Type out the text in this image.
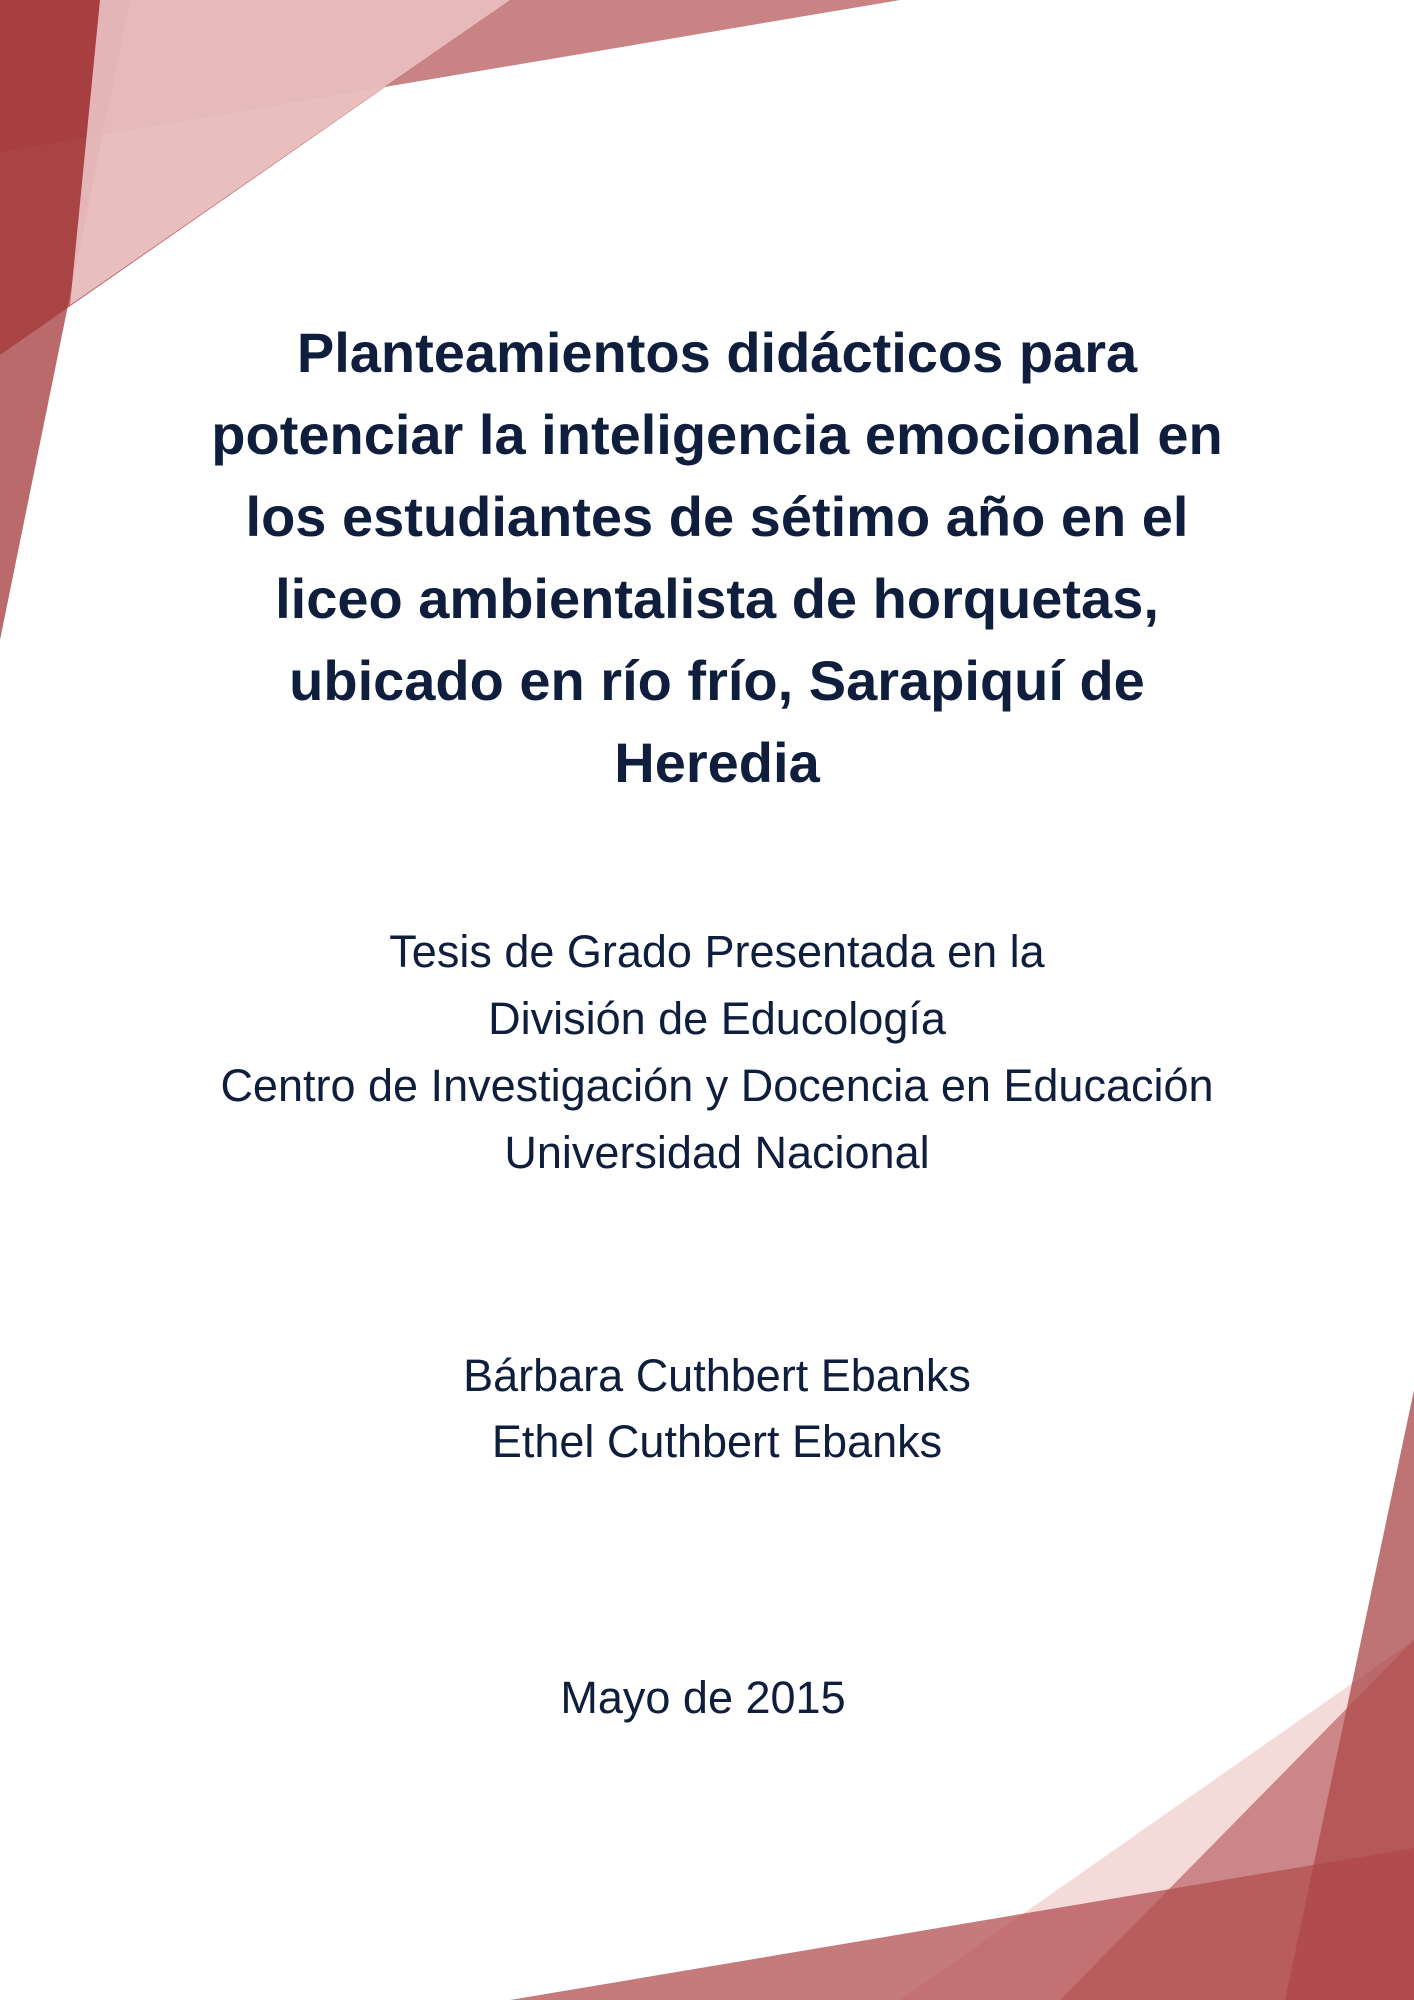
Planteamientos didácticos para
potenciar la inteligencia emocional en
los estudiantes de sétimo año en el
liceo ambientalista de horquetas,
ubicado en río frío, Sarapiquí de
Heredia
Tesis de Grado Presentada en la
División de Educología
Centro de Investigación y Docencia en Educación
Universidad Nacional
Bárbara Cuthbert Ebanks
Ethel Cuthbert Ebanks
Mayo de 2015
